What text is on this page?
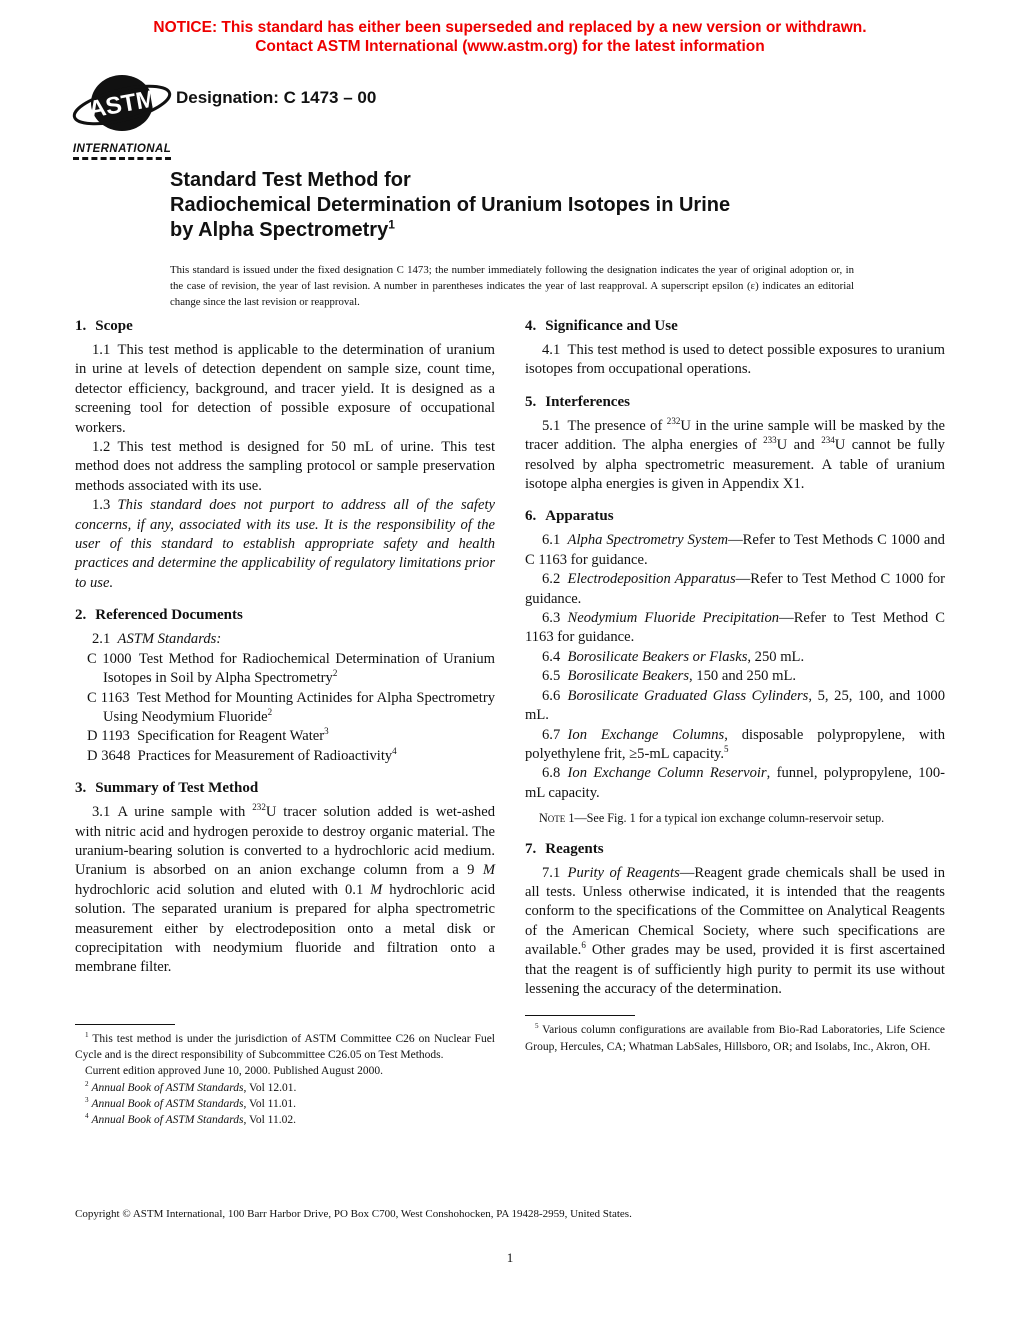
NOTICE: This standard has either been superseded and replaced by a new version or withdrawn.
Contact ASTM International (www.astm.org) for the latest information
ASTM
INTERNATIONAL
Designation: C 1473 – 00
Standard Test Method for
Radiochemical Determination of Uranium Isotopes in Urine
by Alpha Spectrometry$^1$
This standard is issued under the fixed designation C 1473; the number immediately following the designation indicates the year of original adoption or, in the case of revision, the year of last revision. A number in parentheses indicates the year of last reapproval. A superscript epsilon (ε) indicates an editorial change since the last revision or reapproval.
1. Scope

1.1 This test method is applicable to the determination of uranium in urine at levels of detection dependent on sample size, count time, detector efficiency, background, and tracer yield. It is designed as a screening tool for detection of possible exposure of occupational workers.

1.2 This test method is designed for 50 mL of urine. This test method does not address the sampling protocol or sample preservation methods associated with its use.

1.3 This standard does not purport to address all of the safety concerns, if any, associated with its use. It is the responsibility of the user of this standard to establish appropriate safety and health practices and determine the applicability of regulatory limitations prior to use.

2. Referenced Documents

2.1 ASTM Standards:

C 1000 Test Method for Radiochemical Determination of Uranium Isotopes in Soil by Alpha Spectrometry$^2$

C 1163 Test Method for Mounting Actinides for Alpha Spectrometry Using Neodymium Fluoride$^2$

D 1193 Specification for Reagent Water$^3$

D 3648 Practices for Measurement of Radioactivity$^4$

3. Summary of Test Method

3.1 A urine sample with $^{232}$U tracer solution added is wet-ashed with nitric acid and hydrogen peroxide to destroy organic material. The uranium-bearing solution is converted to a hydrochloric acid medium. Uranium is absorbed on an anion exchange column from a 9 M hydrochloric acid solution and eluted with 0.1 M hydrochloric acid solution. The separated uranium is prepared for alpha spectrometric measurement either by electrodeposition onto a metal disk or coprecipitation with neodymium fluoride and filtration onto a membrane filter.

$^1$ This test method is under the jurisdiction of ASTM Committee C26 on Nuclear Fuel Cycle and is the direct responsibility of Subcommittee C26.05 on Test Methods.

Current edition approved June 10, 2000. Published August 2000.

$^2$ Annual Book of ASTM Standards, Vol 12.01.

$^3$ Annual Book of ASTM Standards, Vol 11.01.

$^4$ Annual Book of ASTM Standards, Vol 11.02.

4. Significance and Use

4.1 This test method is used to detect possible exposures to uranium isotopes from occupational operations.

5. Interferences

5.1 The presence of $^{232}$U in the urine sample will be masked by the tracer addition. The alpha energies of $^{233}$U and $^{234}$U cannot be fully resolved by alpha spectrometric measurement. A table of uranium isotope alpha energies is given in Appendix X1.

6. Apparatus

6.1 Alpha Spectrometry System—Refer to Test Methods C 1000 and C 1163 for guidance.

6.2 Electrodeposition Apparatus—Refer to Test Method C 1000 for guidance.

6.3 Neodymium Fluoride Precipitation—Refer to Test Method C 1163 for guidance.

6.4 Borosilicate Beakers or Flasks, 250 mL.

6.5 Borosilicate Beakers, 150 and 250 mL.

6.6 Borosilicate Graduated Glass Cylinders, 5, 25, 100, and 1000 mL.

6.7 Ion Exchange Columns, disposable polypropylene, with polyethylene frit, ≥5-mL capacity.$^5$

6.8 Ion Exchange Column Reservoir, funnel, polypropylene, 100-mL capacity.

Note 1—See Fig. 1 for a typical ion exchange column-reservoir setup.

7. Reagents

7.1 Purity of Reagents—Reagent grade chemicals shall be used in all tests. Unless otherwise indicated, it is intended that the reagents conform to the specifications of the Committee on Analytical Reagents of the American Chemical Society, where such specifications are available.$^6$ Other grades may be used, provided it is first ascertained that the reagent is of sufficiently high purity to permit its use without lessening the accuracy of the determination.

$^5$ Various column configurations are available from Bio-Rad Laboratories, Life Science Group, Hercules, CA; Whatman LabSales, Hillsboro, OR; and Isolabs, Inc., Akron, OH.

Copyright © ASTM International, 100 Barr Harbor Drive, PO Box C700, West Conshohocken, PA 19428-2959, United States.
1
